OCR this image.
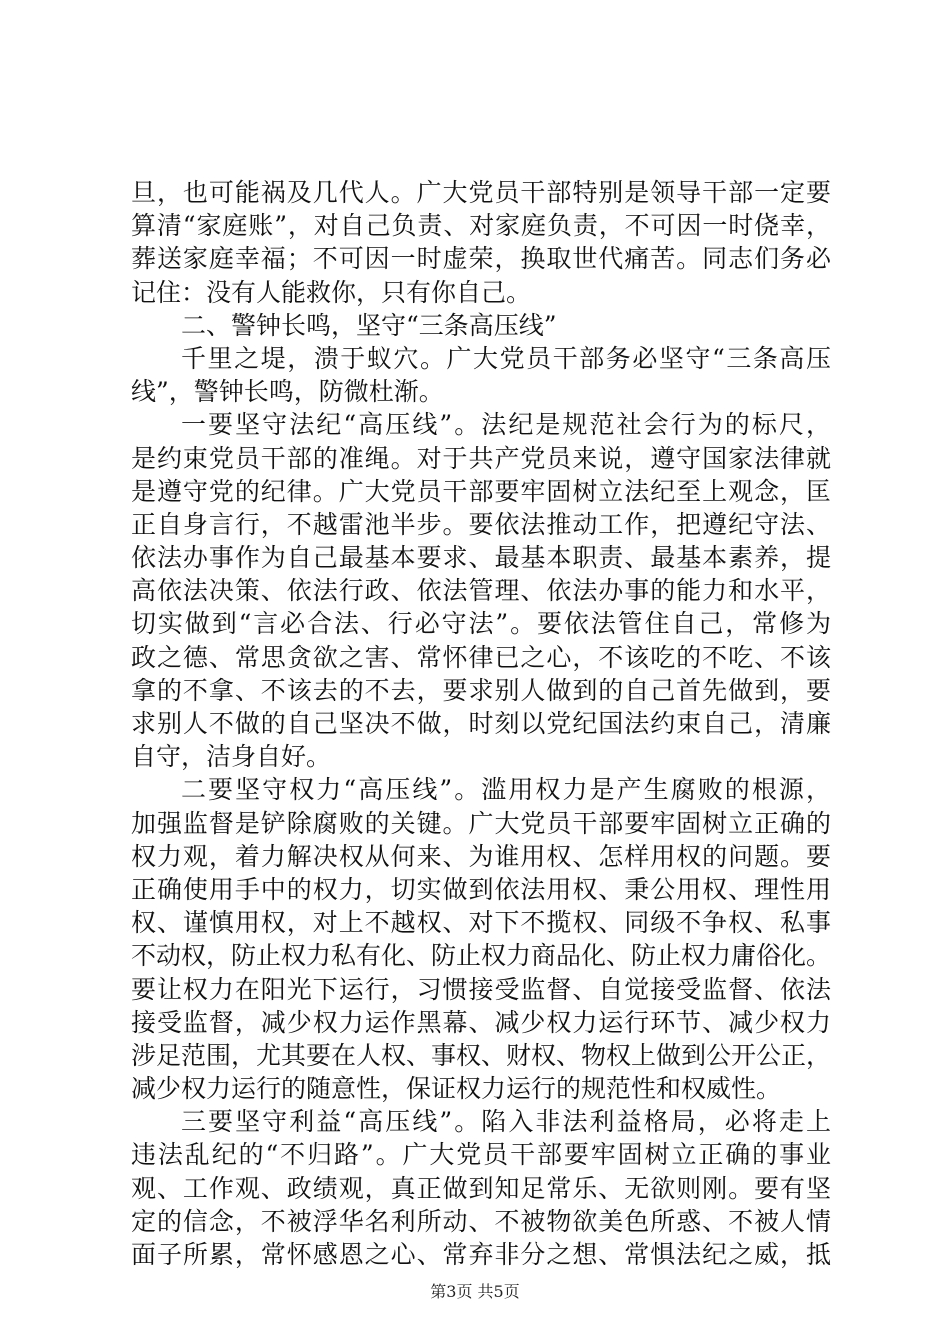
旦，也可能祸及几代人。广大党员干部特别是领导干部一定要
算清“家庭账”，对自己负责、对家庭负责，不可因一时侥幸，
葬送家庭幸福；不可因一时虚荣，换取世代痛苦。同志们务必
记住：没有人能救你，只有你自己。
二、警钟长鸣，坚守“三条高压线”
千里之堤，溃于蚁穴。广大党员干部务必坚守“三条高压
线”，警钟长鸣，防微杜渐。
一要坚守法纪“高压线”。法纪是规范社会行为的标尺，
是约束党员干部的准绳。对于共产党员来说，遵守国家法律就
是遵守党的纪律。广大党员干部要牢固树立法纪至上观念，匡
正自身言行，不越雷池半步。要依法推动工作，把遵纪守法、
依法办事作为自己最基本要求、最基本职责、最基本素养，提
高依法决策、依法行政、依法管理、依法办事的能力和水平，
切实做到“言必合法、行必守法”。要依法管住自己，常修为
政之德、常思贪欲之害、常怀律已之心，不该吃的不吃、不该
拿的不拿、不该去的不去，要求别人做到的自己首先做到，要
求别人不做的自己坚决不做，时刻以党纪国法约束自己，清廉
自守，洁身自好。
二要坚守权力“高压线”。滥用权力是产生腐败的根源，
加强监督是铲除腐败的关键。广大党员干部要牢固树立正确的
权力观，着力解决权从何来、为谁用权、怎样用权的问题。要
正确使用手中的权力，切实做到依法用权、秉公用权、理性用
权、谨慎用权，对上不越权、对下不揽权、同级不争权、私事
不动权，防止权力私有化、防止权力商品化、防止权力庸俗化。
要让权力在阳光下运行，习惯接受监督、自觉接受监督、依法
接受监督，减少权力运作黑幕、减少权力运行环节、减少权力
涉足范围，尤其要在人权、事权、财权、物权上做到公开公正，
减少权力运行的随意性，保证权力运行的规范性和权威性。
三要坚守利益“高压线”。陷入非法利益格局，必将走上
违法乱纪的“不归路”。广大党员干部要牢固树立正确的事业
观、工作观、政绩观，真正做到知足常乐、无欲则刚。要有坚
定的信念，不被浮华名利所动、不被物欲美色所惑、不被人情
面子所累，常怀感恩之心、常弃非分之想、常惧法纪之威，抵
第3页 共5页
